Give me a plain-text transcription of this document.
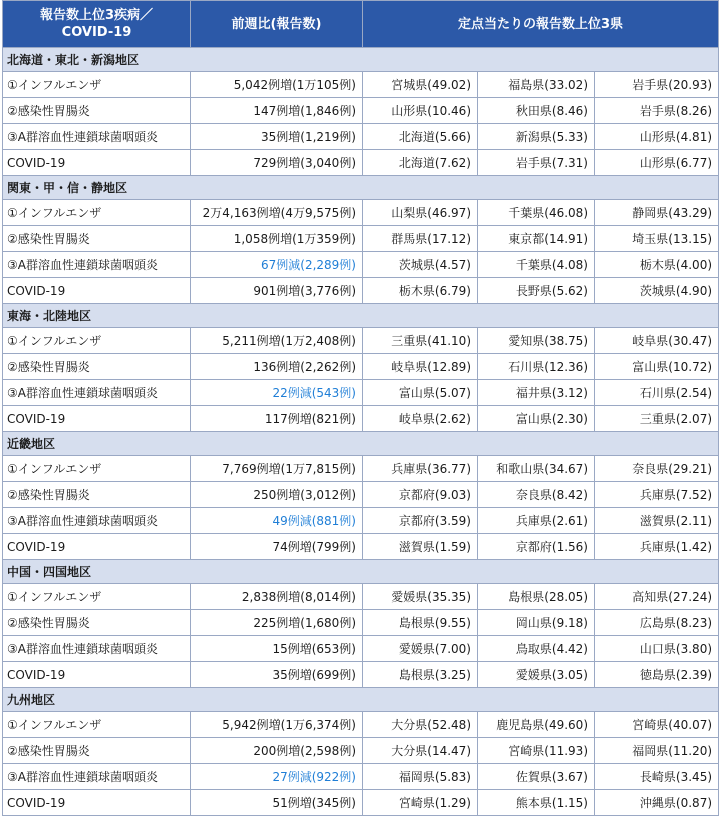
報告数上位3疾病／
COVID-19	前週比(報告数)	定点当たりの報告数上位3県		
北海道・東北・新潟地区				
①インフルエンザ	5,042例増(1万105例)	宮城県(49.02)	福島県(33.02)	岩手県(20.93)
②感染性胃腸炎	147例増(1,846例)	山形県(10.46)	秋田県(8.46)	岩手県(8.26)
③A群溶血性連鎖球菌咽頭炎	35例増(1,219例)	北海道(5.66)	新潟県(5.33)	山形県(4.81)
COVID-19	729例増(3,040例)	北海道(7.62)	岩手県(7.31)	山形県(6.77)
関東・甲・信・静地区				
①インフルエンザ	2万4,163例増(4万9,575例)	山梨県(46.97)	千葉県(46.08)	静岡県(43.29)
②感染性胃腸炎	1,058例増(1万359例)	群馬県(17.12)	東京都(14.91)	埼玉県(13.15)
③A群溶血性連鎖球菌咽頭炎	67例減(2,289例)	茨城県(4.57)	千葉県(4.08)	栃木県(4.00)
COVID-19	901例増(3,776例)	栃木県(6.79)	長野県(5.62)	茨城県(4.90)
東海・北陸地区				
①インフルエンザ	5,211例増(1万2,408例)	三重県(41.10)	愛知県(38.75)	岐阜県(30.47)
②感染性胃腸炎	136例増(2,262例)	岐阜県(12.89)	石川県(12.36)	富山県(10.72)
③A群溶血性連鎖球菌咽頭炎	22例減(543例)	富山県(5.07)	福井県(3.12)	石川県(2.54)
COVID-19	117例増(821例)	岐阜県(2.62)	富山県(2.30)	三重県(2.07)
近畿地区				
①インフルエンザ	7,769例増(1万7,815例)	兵庫県(36.77)	和歌山県(34.67)	奈良県(29.21)
②感染性胃腸炎	250例増(3,012例)	京都府(9.03)	奈良県(8.42)	兵庫県(7.52)
③A群溶血性連鎖球菌咽頭炎	49例減(881例)	京都府(3.59)	兵庫県(2.61)	滋賀県(2.11)
COVID-19	74例増(799例)	滋賀県(1.59)	京都府(1.56)	兵庫県(1.42)
中国・四国地区				
①インフルエンザ	2,838例増(8,014例)	愛媛県(35.35)	島根県(28.05)	高知県(27.24)
②感染性胃腸炎	225例増(1,680例)	島根県(9.55)	岡山県(9.18)	広島県(8.23)
③A群溶血性連鎖球菌咽頭炎	15例増(653例)	愛媛県(7.00)	鳥取県(4.42)	山口県(3.80)
COVID-19	35例増(699例)	島根県(3.25)	愛媛県(3.05)	徳島県(2.39)
九州地区				
①インフルエンザ	5,942例増(1万6,374例)	大分県(52.48)	鹿児島県(49.60)	宮崎県(40.07)
②感染性胃腸炎	200例増(2,598例)	大分県(14.47)	宮崎県(11.93)	福岡県(11.20)
③A群溶血性連鎖球菌咽頭炎	27例減(922例)	福岡県(5.83)	佐賀県(3.67)	長崎県(3.45)
COVID-19	51例増(345例)	宮崎県(1.29)	熊本県(1.15)	沖縄県(0.87)
